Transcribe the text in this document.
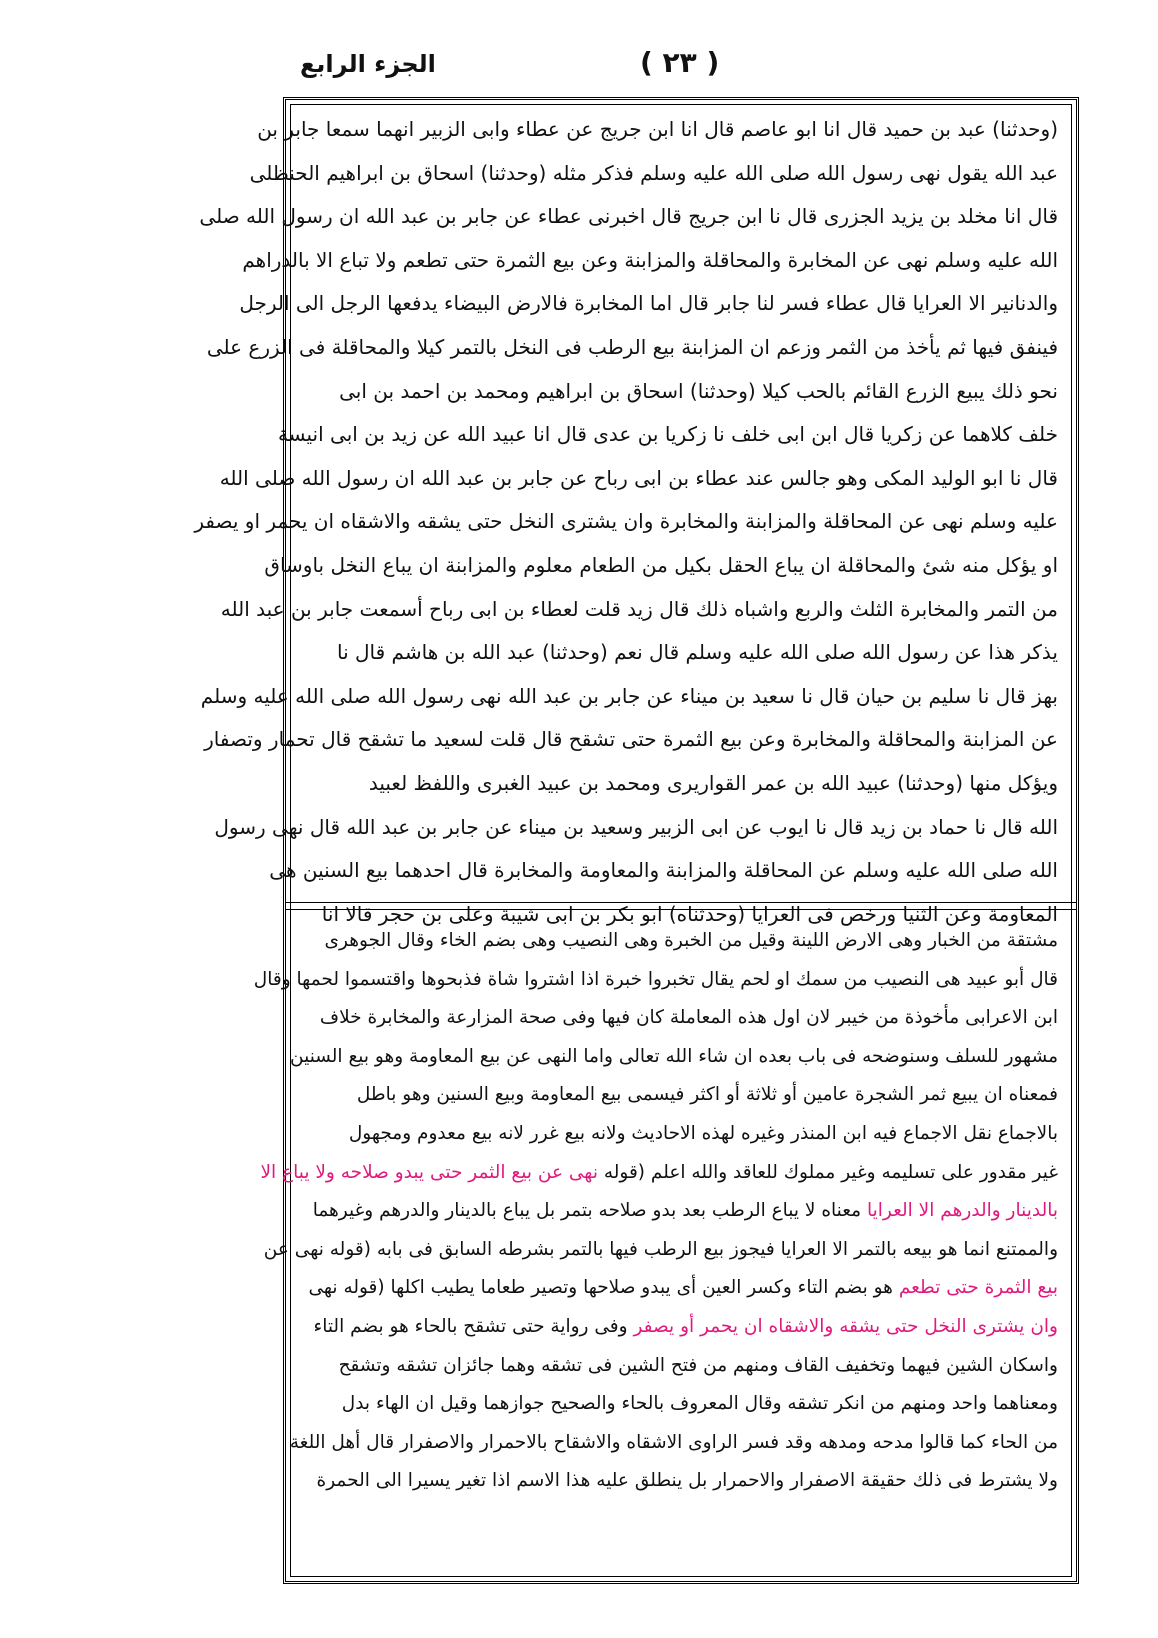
الجزء الرابع	( ٢٣ )
(وحدثنا) عبد بن حميد قال انا ابو عاصم قال انا ابن جريج عن عطاء وابى الزبير انهما سمعا جابر بن
عبد الله يقول نهى رسول الله صلى الله عليه وسلم فذكر مثله (وحدثنا) اسحاق بن ابراهيم الحنظلى
قال انا مخلد بن يزيد الجزرى قال نا ابن جريج قال اخبرنى عطاء عن جابر بن عبد الله ان رسول الله صلى
الله عليه وسلم نهى عن المخابرة والمحاقلة والمزابنة وعن بيع الثمرة حتى تطعم ولا تباع الا بالدراهم
والدنانير الا العرايا قال عطاء فسر لنا جابر قال اما المخابرة فالارض البيضاء يدفعها الرجل الى الرجل
فينفق فيها ثم يأخذ من الثمر وزعم ان المزابنة بيع الرطب فى النخل بالتمر كيلا والمحاقلة فى الزرع على
نحو ذلك يبيع الزرع القائم بالحب كيلا (وحدثنا) اسحاق بن ابراهيم ومحمد بن احمد بن ابى
خلف كلاهما عن زكريا قال ابن ابى خلف نا زكريا بن عدى قال انا عبيد الله عن زيد بن ابى انيسة
قال نا ابو الوليد المكى وهو جالس عند عطاء بن ابى رباح عن جابر بن عبد الله ان رسول الله صلى الله
عليه وسلم نهى عن المحاقلة والمزابنة والمخابرة وان يشترى النخل حتى يشقه والاشقاه ان يحمر او يصفر
او يؤكل منه شئ والمحاقلة ان يباع الحقل بكيل من الطعام معلوم والمزابنة ان يباع النخل باوساق
من التمر والمخابرة الثلث والربع واشباه ذلك قال زيد قلت لعطاء بن ابى رباح أسمعت جابر بن عبد الله
يذكر هذا عن رسول الله صلى الله عليه وسلم قال نعم (وحدثنا) عبد الله بن هاشم قال نا
بهز قال نا سليم بن حيان قال نا سعيد بن ميناء عن جابر بن عبد الله نهى رسول الله صلى الله عليه وسلم
عن المزابنة والمحاقلة والمخابرة وعن بيع الثمرة حتى تشقح قال قلت لسعيد ما تشقح قال تحمار وتصفار
ويؤكل منها (وحدثنا) عبيد الله بن عمر القواريرى ومحمد بن عبيد الغبرى واللفظ لعبيد
الله قال نا حماد بن زيد قال نا ايوب عن ابى الزبير وسعيد بن ميناء عن جابر بن عبد الله قال نهى رسول
الله صلى الله عليه وسلم عن المحاقلة والمزابنة والمعاومة والمخابرة قال احدهما بيع السنين هى
المعاومة وعن الثنيا ورخص فى العرايا (وحدثناه) ابو بكر بن ابى شيبة وعلى بن حجر قالا انا
مشتقة من الخبار وهى الارض اللينة وقيل من الخبرة وهى النصيب وهى بضم الخاء وقال الجوهرى
قال أبو عبيد هى النصيب من سمك او لحم يقال تخبروا خبرة اذا اشتروا شاة فذبحوها واقتسموا لحمها وقال
ابن الاعرابى مأخوذة من خيبر لان اول هذه المعاملة كان فيها وفى صحة المزارعة والمخابرة خلاف
مشهور للسلف وسنوضحه فى باب بعده ان شاء الله تعالى واما النهى عن بيع المعاومة وهو بيع السنين
فمعناه ان يبيع ثمر الشجرة عامين أو ثلاثة أو اكثر فيسمى بيع المعاومة وبيع السنين وهو باطل
بالاجماع نقل الاجماع فيه ابن المنذر وغيره لهذه الاحاديث ولانه بيع غرر لانه بيع معدوم ومجهول
غير مقدور على تسليمه وغير مملوك للعاقد والله اعلم (قوله نهى عن بيع الثمر حتى يبدو صلاحه ولا يباع الا
بالدينار والدرهم الا العرايا معناه لا يباع الرطب بعد بدو صلاحه بتمر بل يباع بالدينار والدرهم وغيرهما
والممتنع انما هو بيعه بالتمر الا العرايا فيجوز بيع الرطب فيها بالتمر بشرطه السابق فى بابه (قوله نهى عن
بيع الثمرة حتى تطعم هو بضم التاء وكسر العين أى يبدو صلاحها وتصير طعاما يطيب اكلها (قوله نهى
وان يشترى النخل حتى يشقه والاشقاه ان يحمر أو يصفر وفى رواية حتى تشقح بالحاء هو بضم التاء
واسكان الشين فيهما وتخفيف القاف ومنهم من فتح الشين فى تشقه وهما جائزان تشقه وتشقح
ومعناهما واحد ومنهم من انكر تشقه وقال المعروف بالحاء والصحيح جوازهما وقيل ان الهاء بدل
من الحاء كما قالوا مدحه ومدهه وقد فسر الراوى الاشقاه والاشقاح بالاحمرار والاصفرار قال أهل اللغة
ولا يشترط فى ذلك حقيقة الاصفرار والاحمرار بل ينطلق عليه هذا الاسم اذا تغير يسيرا الى الحمرة
